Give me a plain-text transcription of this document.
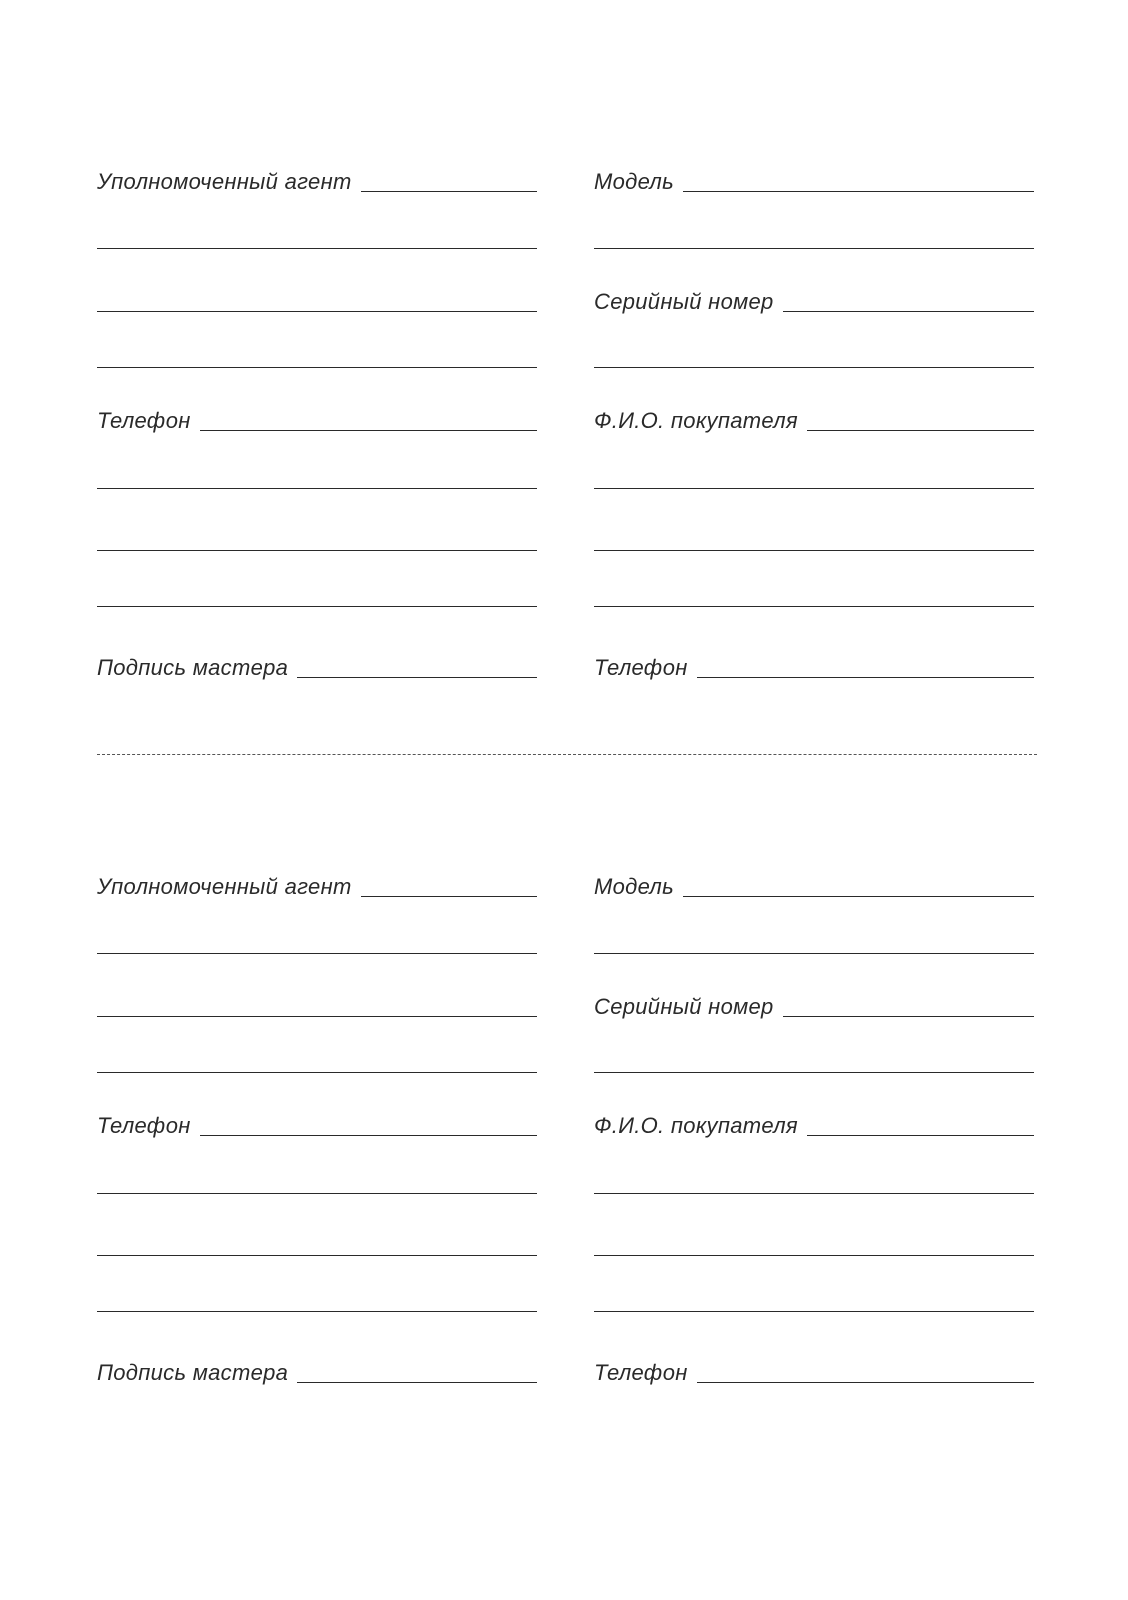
Уполномоченный агент
Телефон
Подпись мастера
Модель
Серийный номер
Ф.И.О. покупателя
Телефон
Уполномоченный агент
Телефон
Подпись мастера
Модель
Серийный номер
Ф.И.О. покупателя
Телефон
